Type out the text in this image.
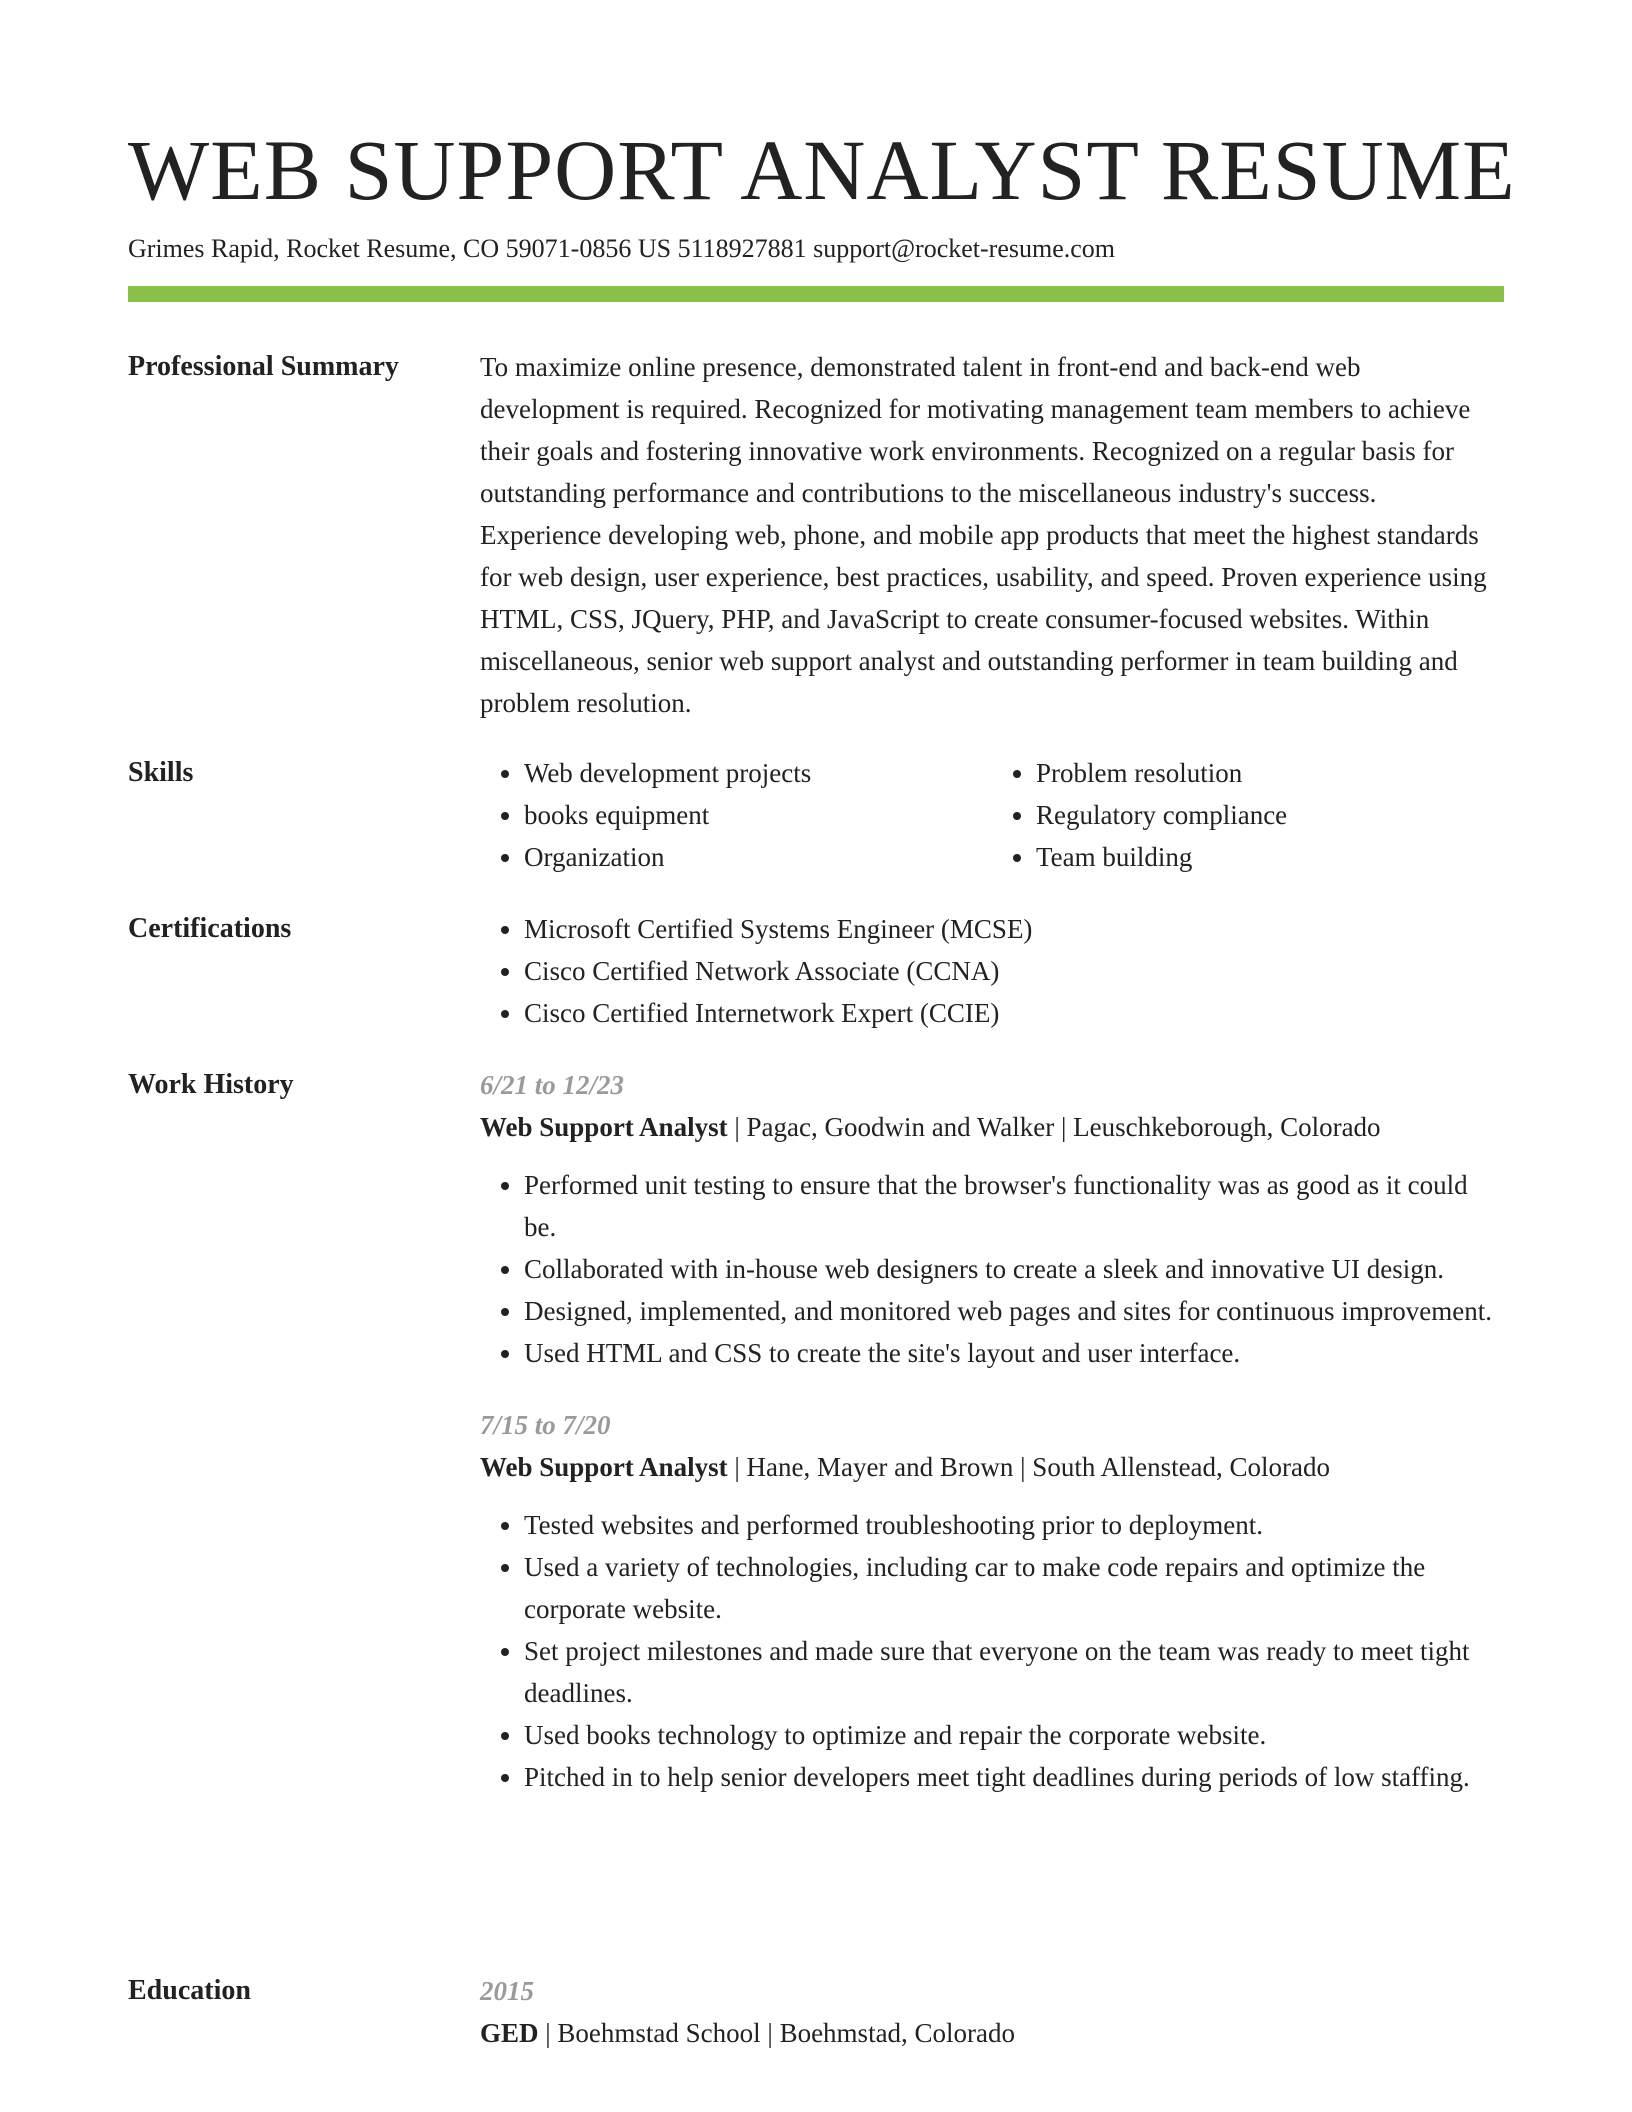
WEB SUPPORT ANALYST RESUME
Grimes Rapid, Rocket Resume, CO 59071-0856 US 5118927881 support@rocket-resume.com
Professional Summary	To maximize online presence, demonstrated talent in front-end and back-end web development is required. Recognized for motivating management team members to achieve their goals and fostering innovative work environments. Recognized on a regular basis for outstanding performance and contributions to the miscellaneous industry's success. Experience developing web, phone, and mobile app products that meet the highest standards for web design, user experience, best practices, usability, and speed. Proven experience using HTML, CSS, JQuery, PHP, and JavaScript to create consumer-focused websites. Within miscellaneous, senior web support analyst and outstanding performer in team building and problem resolution.

Skills	• Web development projects
• books equipment
• Organization
• Problem resolution
• Regulatory compliance
• Team building
Certifications	• Microsoft Certified Systems Engineer (MCSE)
• Cisco Certified Network Associate (CCNA)
• Cisco Certified Internetwork Expert (CCIE)
Work History	6/21 to 12/23
Web Support Analyst | Pagac, Goodwin and Walker | Leuschkeborough, Colorado
• Performed unit testing to ensure that the browser's functionality was as good as it could be.
• Collaborated with in-house web designers to create a sleek and innovative UI design.
• Designed, implemented, and monitored web pages and sites for continuous improvement.
• Used HTML and CSS to create the site's layout and user interface.
7/15 to 7/20
Web Support Analyst | Hane, Mayer and Brown | South Allenstead, Colorado
• Tested websites and performed troubleshooting prior to deployment.
• Used a variety of technologies, including car to make code repairs and optimize the corporate website.
• Set project milestones and made sure that everyone on the team was ready to meet tight deadlines.
• Used books technology to optimize and repair the corporate website.
• Pitched in to help senior developers meet tight deadlines during periods of low staffing.
Education	2015
GED | Boehmstad School | Boehmstad, Colorado
